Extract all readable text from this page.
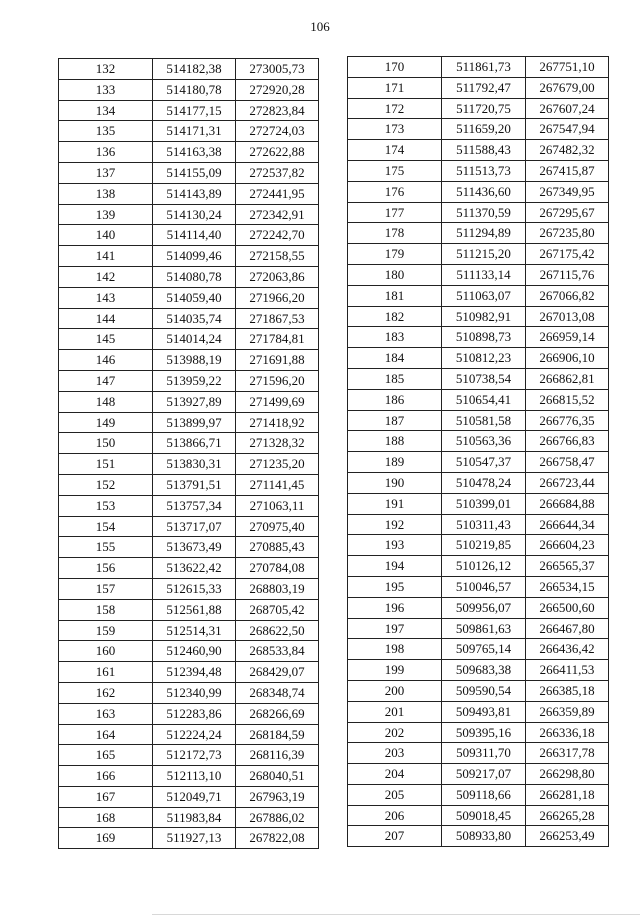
106
132	514182,38	273005,73
133	514180,78	272920,28
134	514177,15	272823,84
135	514171,31	272724,03
136	514163,38	272622,88
137	514155,09	272537,82
138	514143,89	272441,95
139	514130,24	272342,91
140	514114,40	272242,70
141	514099,46	272158,55
142	514080,78	272063,86
143	514059,40	271966,20
144	514035,74	271867,53
145	514014,24	271784,81
146	513988,19	271691,88
147	513959,22	271596,20
148	513927,89	271499,69
149	513899,97	271418,92
150	513866,71	271328,32
151	513830,31	271235,20
152	513791,51	271141,45
153	513757,34	271063,11
154	513717,07	270975,40
155	513673,49	270885,43
156	513622,42	270784,08
157	512615,33	268803,19
158	512561,88	268705,42
159	512514,31	268622,50
160	512460,90	268533,84
161	512394,48	268429,07
162	512340,99	268348,74
163	512283,86	268266,69
164	512224,24	268184,59
165	512172,73	268116,39
166	512113,10	268040,51
167	512049,71	267963,19
168	511983,84	267886,02
169	511927,13	267822,08
170	511861,73	267751,10
171	511792,47	267679,00
172	511720,75	267607,24
173	511659,20	267547,94
174	511588,43	267482,32
175	511513,73	267415,87
176	511436,60	267349,95
177	511370,59	267295,67
178	511294,89	267235,80
179	511215,20	267175,42
180	511133,14	267115,76
181	511063,07	267066,82
182	510982,91	267013,08
183	510898,73	266959,14
184	510812,23	266906,10
185	510738,54	266862,81
186	510654,41	266815,52
187	510581,58	266776,35
188	510563,36	266766,83
189	510547,37	266758,47
190	510478,24	266723,44
191	510399,01	266684,88
192	510311,43	266644,34
193	510219,85	266604,23
194	510126,12	266565,37
195	510046,57	266534,15
196	509956,07	266500,60
197	509861,63	266467,80
198	509765,14	266436,42
199	509683,38	266411,53
200	509590,54	266385,18
201	509493,81	266359,89
202	509395,16	266336,18
203	509311,70	266317,78
204	509217,07	266298,80
205	509118,66	266281,18
206	509018,45	266265,28
207	508933,80	266253,49
